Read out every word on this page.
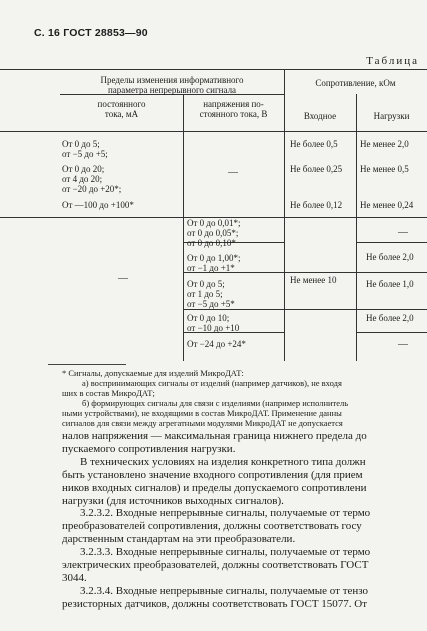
С. 16 ГОСТ 28853—90
Таблица
Пределы изменения информативного
параметра непрерывного сигнала
постоянного
тока, мА
напряжения по-
стоянного тока, В
Сопротивление, кОм
Входное	Нагрузки
От 0 до 5;
от −5 до +5;
От 0 до 20;
от 4 до 20;
от −20 до +20*;
От —100 до +100*
—
—
От 0 до 0,01*;
от 0 до 0,05*;
от 0 до 0,10*
От 0 до 1,00*;
от −1 до +1*
От 0 до 5;
от 1 до 5;
от −5 до +5*
От 0 до 10;
от −10 до +10
От −24 до +24*
Не более 0,5
Не более 0,25
Не более 0,12
Не менее 10
Не менее 2,0
Не менее 0,5
Не менее 0,24
—
Не более 2,0
Не более 1,0
Не более 2,0
—
* Сигналы, допускаемые для изделий МикроДАТ:
а) воспринимающих сигналы от изделий (например датчиков), не входя
ших в состав МикроДАТ;
б) формирующих сигналы для связи с изделиями (например исполнитель
ными устройствами), не входящими в состав МикроДАТ. Применение данны
сигналов для связи между агрегатными модулями МикроДАТ не допускается

налов напряжения — максимальная граница нижнего предела до

пускаемого сопротивления нагрузки.

В технических условиях на изделия конкретного типа должн

быть установлено значение входного сопротивления (для прием

ников входных сигналов) и пределы допускаемого сопротивлени

нагрузки (для источников выходных сигналов).

3.2.3.2. Входные непрерывные сигналы, получаемые от термо

преобразователей сопротивления, должны соответствовать госу

дарственным стандартам на эти преобразователи.

3.2.3.3. Входные непрерывные сигналы, получаемые от термо

электрических преобразователей, должны соответствовать ГОСТ

3044.

3.2.3.4. Входные непрерывные сигналы, получаемые от тензо

резисторных датчиков, должны соответствовать ГОСТ 15077. От
